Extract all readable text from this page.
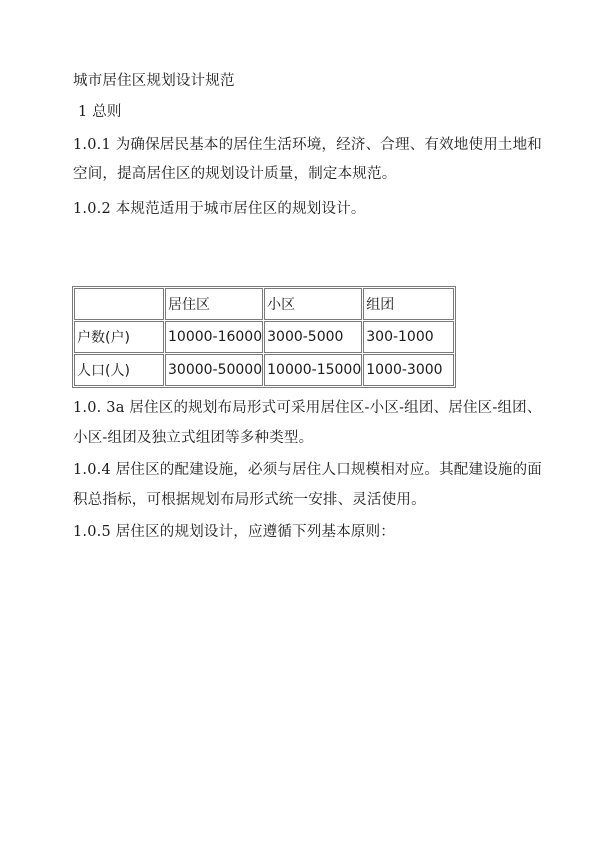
城市居住区规划设计规范
1 总则
1.0.1 为确保居民基本的居住生活环境，经济、合理、有效地使用土地和
空间，提高居住区的规划设计质量，制定本规范。
1.0.2 本规范适用于城市居住区的规划设计。
	居住区	小区	组团
户数(户)	10000-16000	3000-5000	300-1000
人口(人)	30000-50000	10000-15000	1000-3000
1.0. 3a 居住区的规划布局形式可采用居住区-小区-组团、居住区-组团、
小区-组团及独立式组团等多种类型。
1.0.4 居住区的配建设施，必须与居住人口规模相对应。其配建设施的面
积总指标，可根据规划布局形式统一安排、灵活使用。
1.0.5 居住区的规划设计，应遵循下列基本原则：
